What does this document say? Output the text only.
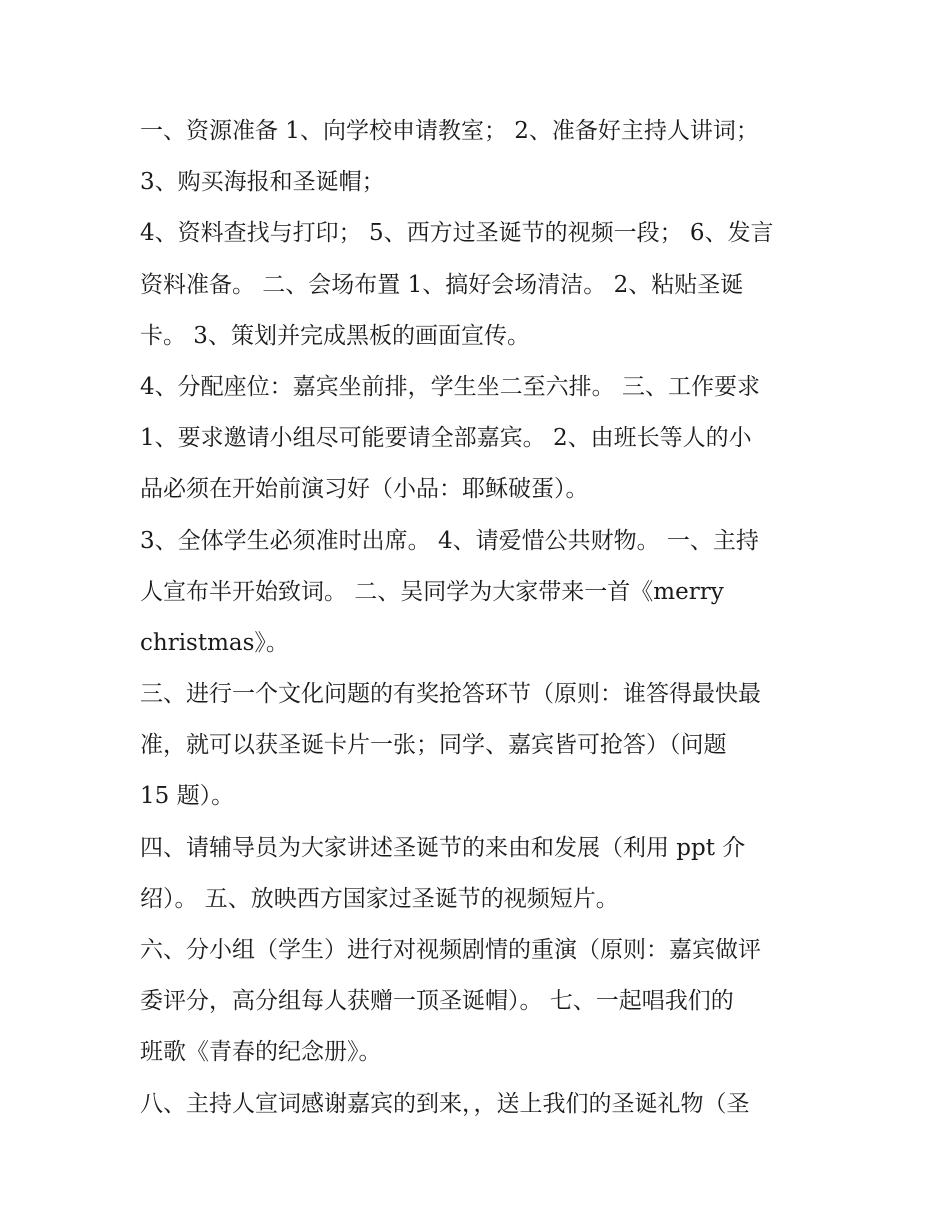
一、资源准备 1、向学校申请教室； 2、准备好主持人讲词；
3、购买海报和圣诞帽；
4、资料查找与打印； 5、西方过圣诞节的视频一段； 6、发言
资料准备。 二、会场布置 1、搞好会场清洁。 2、粘贴圣诞
卡。 3、策划并完成黑板的画面宣传。
4、分配座位：嘉宾坐前排，学生坐二至六排。 三、工作要求
1、要求邀请小组尽可能要请全部嘉宾。 2、由班长等人的小
品必须在开始前演习好（小品：耶稣破蛋）。
3、全体学生必须准时出席。 4、请爱惜公共财物。 一、主持
人宣布半开始致词。 二、吴同学为大家带来一首《merry
christmas》。
三、进行一个文化问题的有奖抢答环节（原则：谁答得最快最
准，就可以获圣诞卡片一张；同学、嘉宾皆可抢答）（问题
15 题）。
四、请辅导员为大家讲述圣诞节的来由和发展（利用 ppt 介
绍）。 五、放映西方国家过圣诞节的视频短片。
六、分小组（学生）进行对视频剧情的重演（原则：嘉宾做评
委评分，高分组每人获赠一顶圣诞帽）。 七、一起唱我们的
班歌《青春的纪念册》。
八、主持人宣词感谢嘉宾的到来，，送上我们的圣诞礼物（圣
